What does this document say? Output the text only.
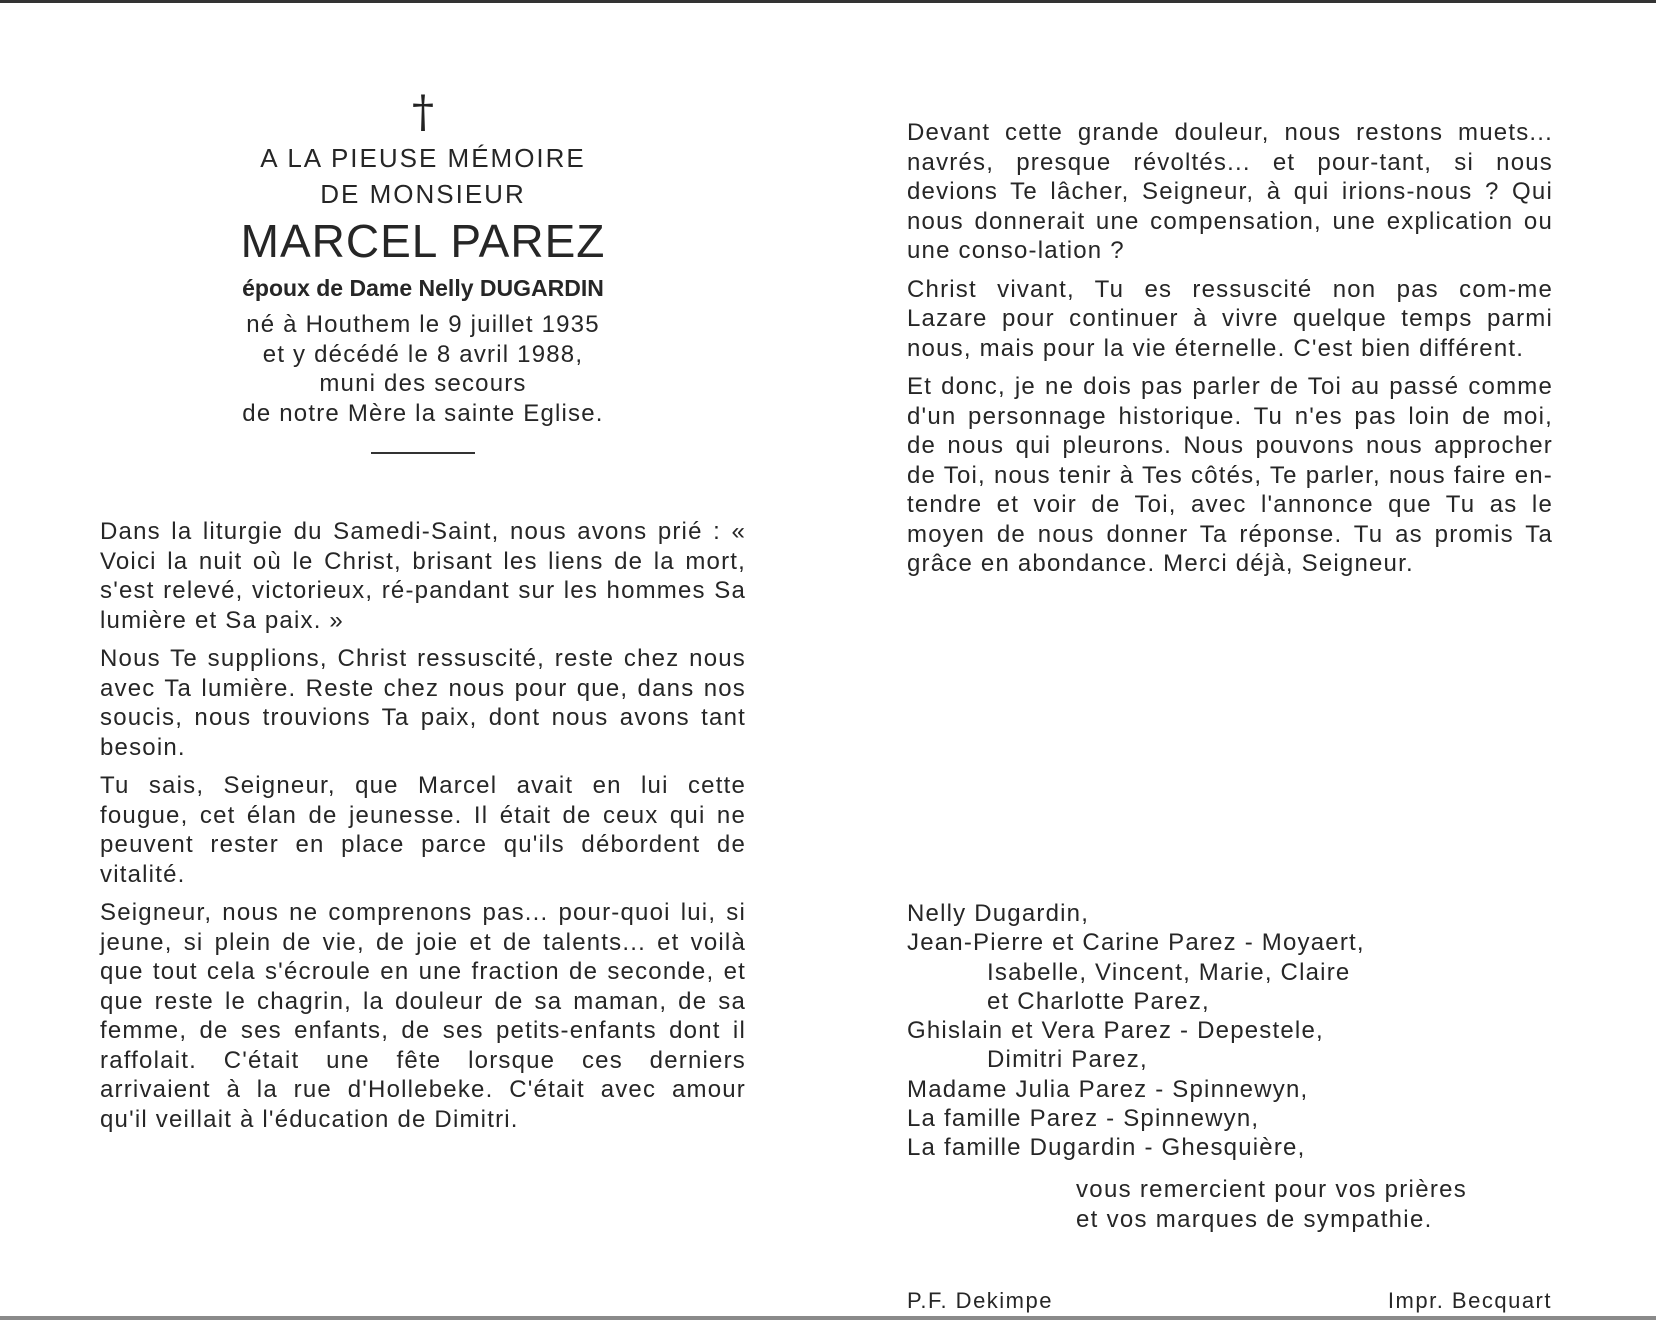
†
A LA PIEUSE MÉMOIRE
DE MONSIEUR
MARCEL PAREZ
époux de Dame Nelly DUGARDIN
né à Houthem le 9 juillet 1935
et y décédé le 8 avril 1988,
muni des secours
de notre Mère la sainte Eglise.

Dans la liturgie du Samedi-Saint, nous avons prié : « Voici la nuit où le Christ, brisant les liens de la mort, s'est relevé, victorieux, ré-pandant sur les hommes Sa lumière et Sa paix. »

Nous Te supplions, Christ ressuscité, reste chez nous avec Ta lumière. Reste chez nous pour que, dans nos soucis, nous trouvions Ta paix, dont nous avons tant besoin.

Tu sais, Seigneur, que Marcel avait en lui cette fougue, cet élan de jeunesse. Il était de ceux qui ne peuvent rester en place parce qu'ils débordent de vitalité.

Seigneur, nous ne comprenons pas... pour-quoi lui, si jeune, si plein de vie, de joie et de talents... et voilà que tout cela s'écroule en une fraction de seconde, et que reste le chagrin, la douleur de sa maman, de sa femme, de ses enfants, de ses petits-enfants dont il raffolait. C'était une fête lorsque ces derniers arrivaient à la rue d'Hollebeke. C'était avec amour qu'il veillait à l'éducation de Dimitri.

Devant cette grande douleur, nous restons muets... navrés, presque révoltés... et pour-tant, si nous devions Te lâcher, Seigneur, à qui irions-nous ? Qui nous donnerait une compensation, une explication ou une conso-lation ?

Christ vivant, Tu es ressuscité non pas com-me Lazare pour continuer à vivre quelque temps parmi nous, mais pour la vie éternelle. C'est bien différent.

Et donc, je ne dois pas parler de Toi au passé comme d'un personnage historique. Tu n'es pas loin de moi, de nous qui pleurons. Nous pouvons nous approcher de Toi, nous tenir à Tes côtés, Te parler, nous faire en-tendre et voir de Toi, avec l'annonce que Tu as le moyen de nous donner Ta réponse. Tu as promis Ta grâce en abondance. Merci déjà, Seigneur.

Nelly Dugardin,
Jean-Pierre et Carine Parez - Moyaert,
Isabelle, Vincent, Marie, Claire
et Charlotte Parez,
Ghislain et Vera Parez - Depestele,
Dimitri Parez,
Madame Julia Parez - Spinnewyn,
La famille Parez - Spinnewyn,
La famille Dugardin - Ghesquière,
vous remercient pour vos prières
et vos marques de sympathie.
P.F. Dekimpe	Impr. Becquart
